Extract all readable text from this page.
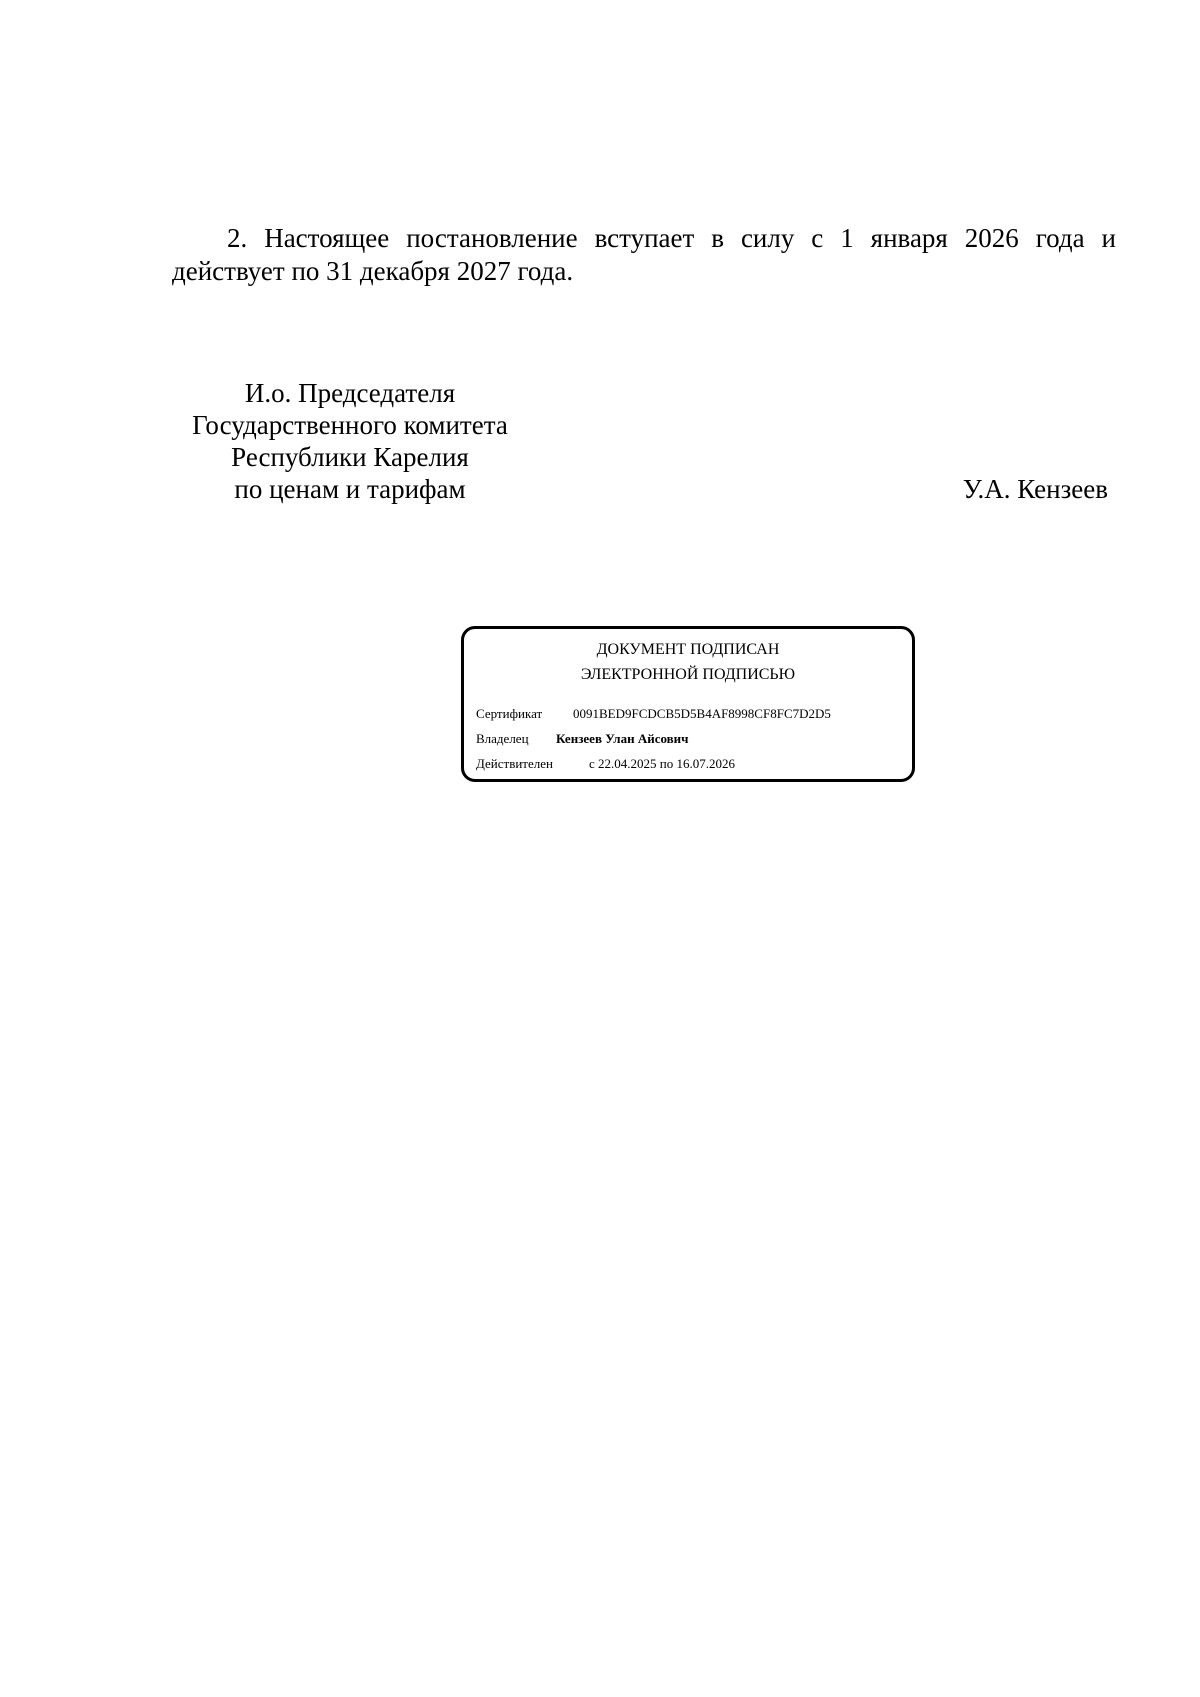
2. Настоящее постановление вступает в силу с 1 января 2026 года и действует по 31 декабря 2027 года.

И.о. Председателя
Государственного комитета
Республики Карелия
по ценам и тарифам	У.А. Кензеев
ДОКУМЕНТ ПОДПИСАН
ЭЛЕКТРОННОЙ ПОДПИСЬЮ
Сертификат 0091BED9FCDCB5D5B4AF8998CF8FC7D2D5
Владелец Кензеев Улан Айсович
Действителен	с 22.04.2025 по 16.07.2026
